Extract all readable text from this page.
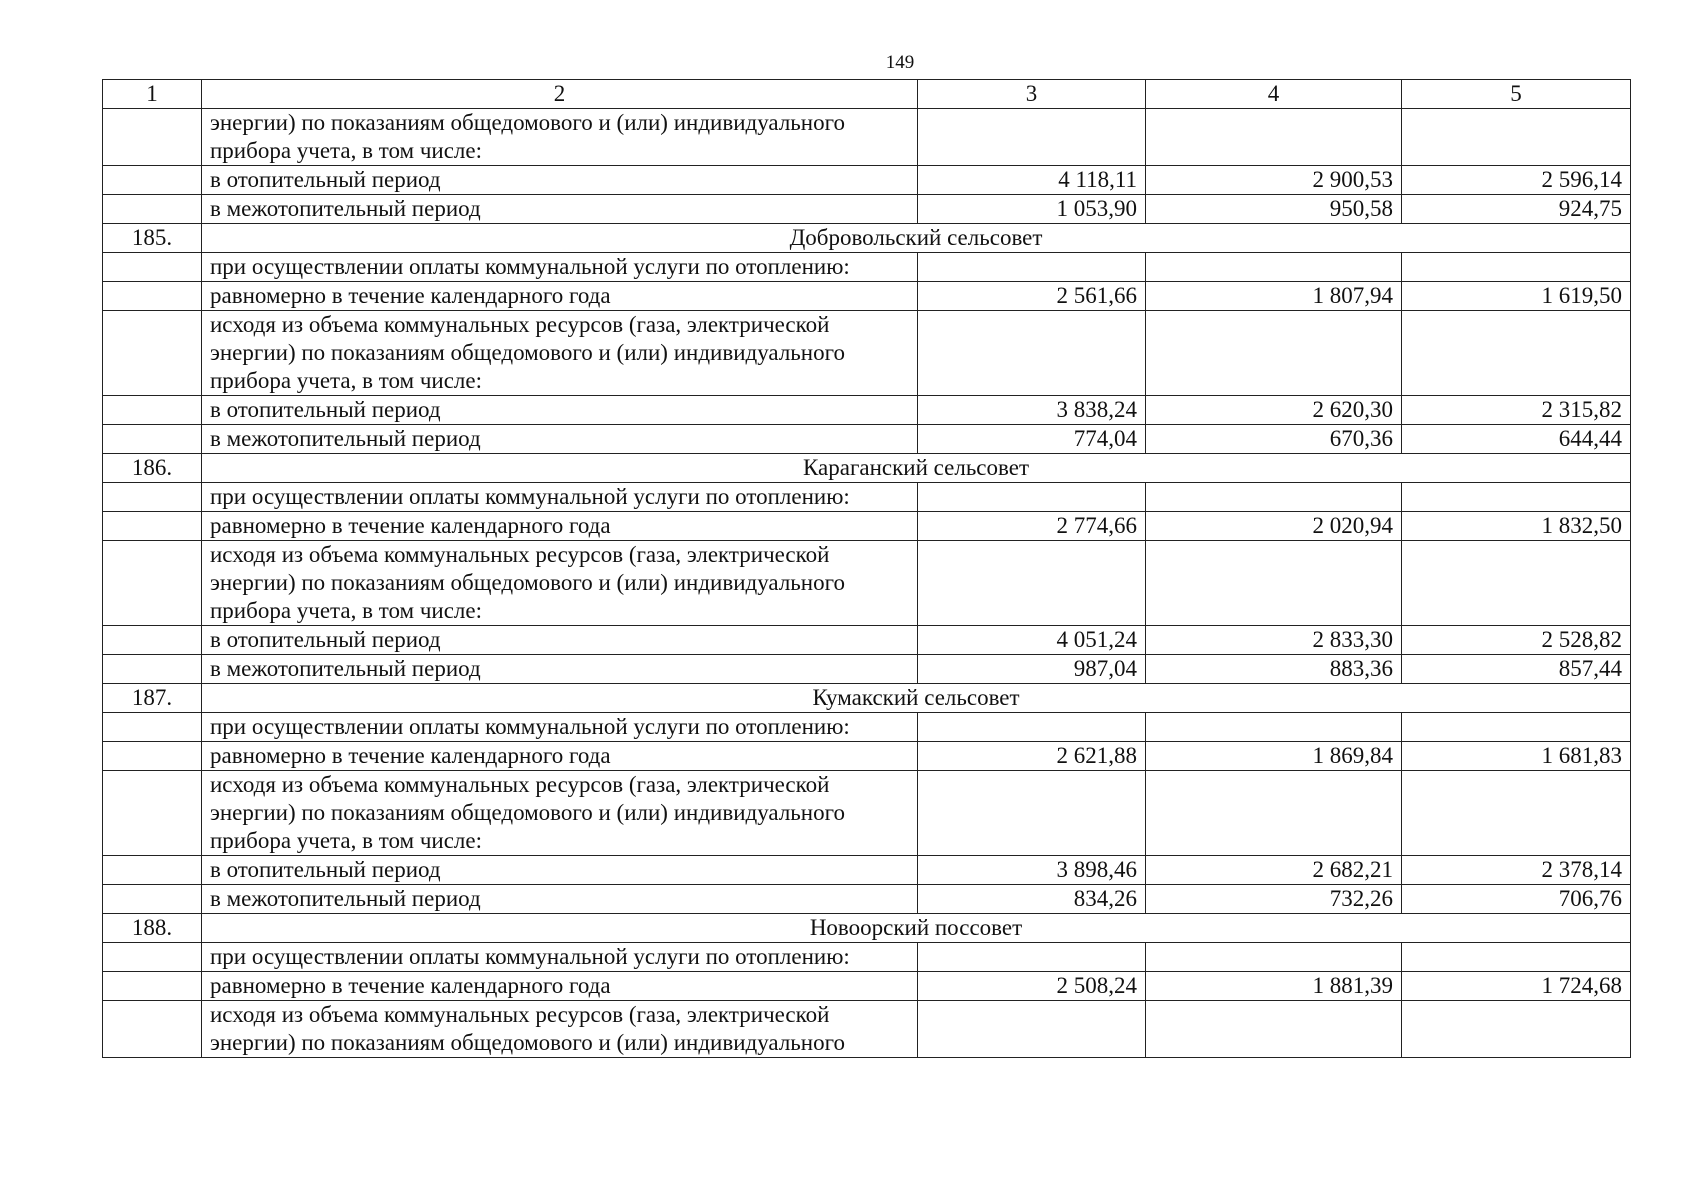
149
1	2	3	4	5
	энергии) по показаниям общедомового и (или) индивидуального прибора учета, в том числе:			
	в отопительный период	4 118,11	2 900,53	2 596,14
	в межотопительный период	1 053,90	950,58	924,75
185.	Добровольский сельсовет			
	при осуществлении оплаты коммунальной услуги по отоплению:			
	равномерно в течение календарного года	2 561,66	1 807,94	1 619,50
	исходя из объема коммунальных ресурсов (газа, электрической энергии) по показаниям общедомового и (или) индивидуального прибора учета, в том числе:			
	в отопительный период	3 838,24	2 620,30	2 315,82
	в межотопительный период	774,04	670,36	644,44
186.	Караганский сельсовет			
	при осуществлении оплаты коммунальной услуги по отоплению:			
	равномерно в течение календарного года	2 774,66	2 020,94	1 832,50
	исходя из объема коммунальных ресурсов (газа, электрической энергии) по показаниям общедомового и (или) индивидуального прибора учета, в том числе:			
	в отопительный период	4 051,24	2 833,30	2 528,82
	в межотопительный период	987,04	883,36	857,44
187.	Кумакский сельсовет			
	при осуществлении оплаты коммунальной услуги по отоплению:			
	равномерно в течение календарного года	2 621,88	1 869,84	1 681,83
	исходя из объема коммунальных ресурсов (газа, электрической энергии) по показаниям общедомового и (или) индивидуального прибора учета, в том числе:			
	в отопительный период	3 898,46	2 682,21	2 378,14
	в межотопительный период	834,26	732,26	706,76
188.	Новоорский поссовет			
	при осуществлении оплаты коммунальной услуги по отоплению:			
	равномерно в течение календарного года	2 508,24	1 881,39	1 724,68
	исходя из объема коммунальных ресурсов (газа, электрической энергии) по показаниям общедомового и (или) индивидуального			
